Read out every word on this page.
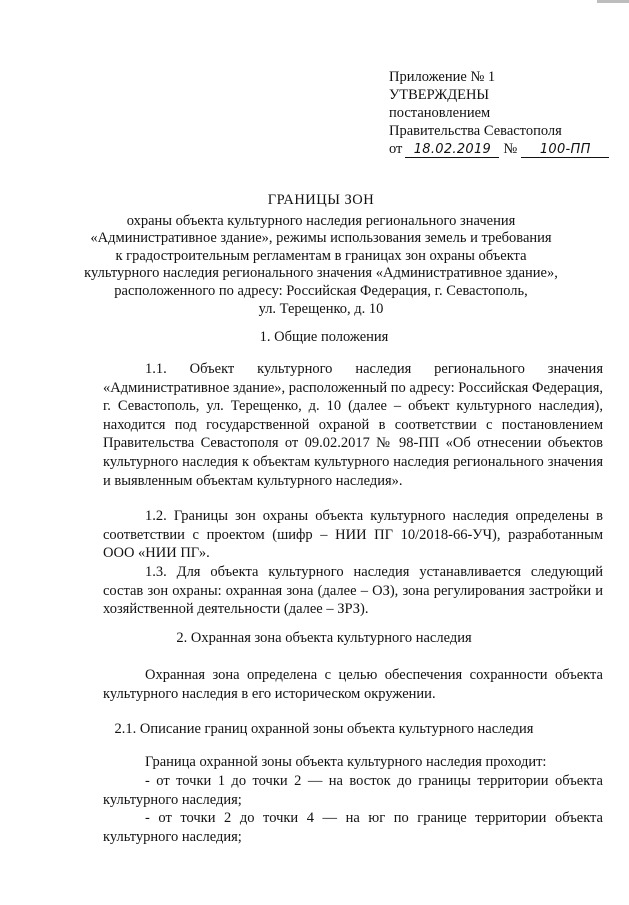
Приложение № 1
УТВЕРЖДЕНЫ
постановлением
Правительства Севастополя
от 18.02.2019 №	100-ПП
ГРАНИЦЫ ЗОН
охраны объекта культурного наследия регионального значения
«Административное здание», режимы использования земель и требования
к градостроительным регламентам в границах зон охраны объекта
культурного наследия регионального значения «Административное здание»,
расположенного по адресу: Российская Федерация, г. Севастополь,
ул. Терещенко, д. 10
1. Общие положения
1.1. Объект культурного наследия регионального значения «Административное здание», расположенный по адресу: Российская Федерация, г. Севастополь, ул. Терещенко, д. 10 (далее – объект культурного наследия), находится под государственной охраной в соответствии с постановлением Правительства Севастополя от 09.02.2017 № 98-ПП «Об отнесении объектов культурного наследия к объектам культурного наследия регионального значения и выявленным объектам культурного наследия».
1.2. Границы зон охраны объекта культурного наследия определены в соответствии с проектом (шифр – НИИ ПГ 10/2018-66-УЧ), разработанным ООО «НИИ ПГ».
1.3. Для объекта культурного наследия устанавливается следующий состав зон охраны: охранная зона (далее – ОЗ), зона регулирования застройки и хозяйственной деятельности (далее – ЗРЗ).
2. Охранная зона объекта культурного наследия
Охранная зона определена с целью обеспечения сохранности объекта культурного наследия в его историческом окружении.
2.1. Описание границ охранной зоны объекта культурного наследия
Граница охранной зоны объекта культурного наследия проходит:
- от точки 1 до точки 2 — на восток до границы территории объекта культурного наследия;
- от точки 2 до точки 4 — на юг по границе территории объекта культурного наследия;
